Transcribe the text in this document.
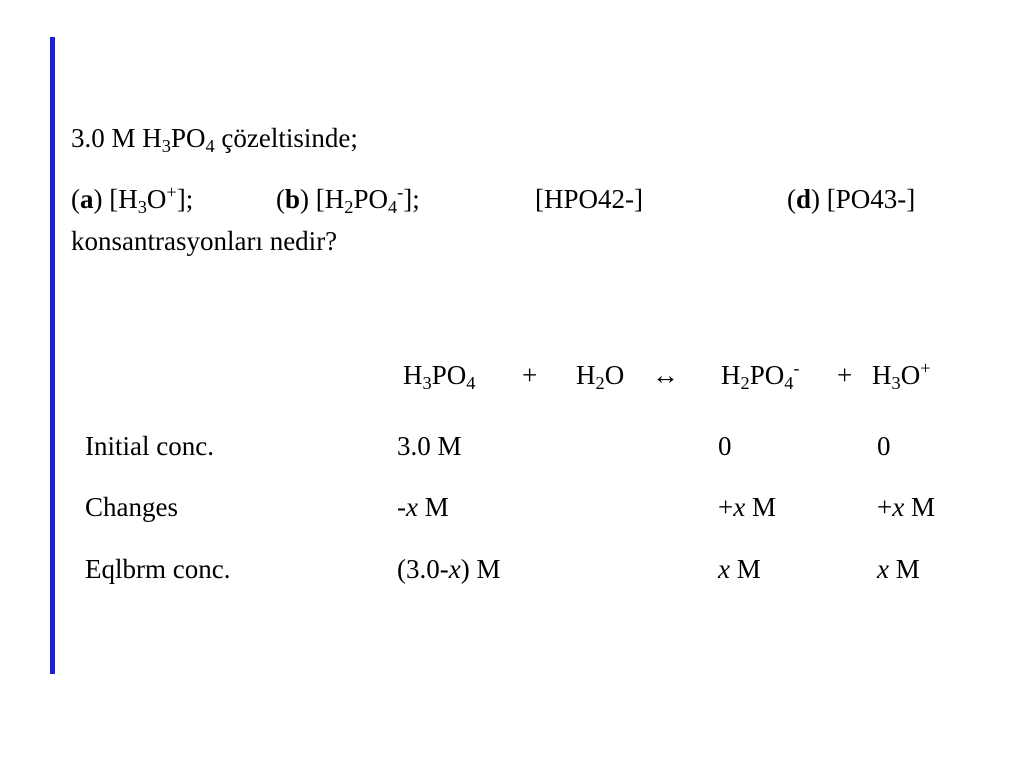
3.0 M $H_3PO_4$ çözeltisinde;
(a) $[H_3O^+]$;	(b) $[H_2PO_4^-]$;	[HPO42-]	(d) [PO43-]
konsantrasyonları nedir?
$H_3PO_4 + H_2O$ ↔ $H_2PO_4^- + H_3O^+$
Initial conc.	3.0 M	0	0
Changes	-x M	+x M	+x M
Eqlbrm conc.	(3.0-x) M	x M	x M
